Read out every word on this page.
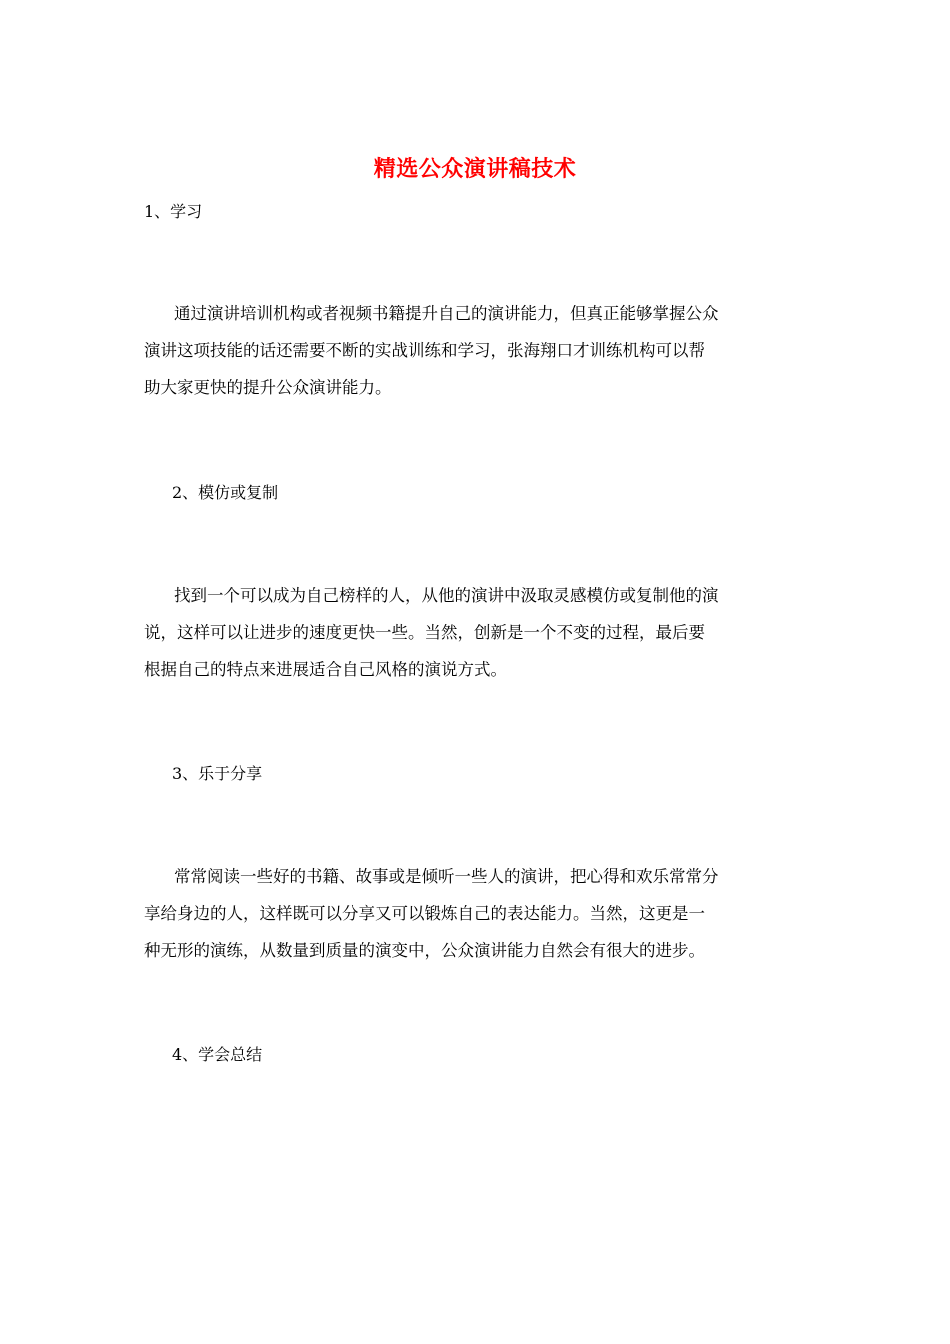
精选公众演讲稿技术
1、学习
通过演讲培训机构或者视频书籍提升自己的演讲能力，但真正能够掌握公众
演讲这项技能的话还需要不断的实战训练和学习，张海翔口才训练机构可以帮
助大家更快的提升公众演讲能力。
2、模仿或复制
找到一个可以成为自己榜样的人，从他的演讲中汲取灵感模仿或复制他的演
说，这样可以让进步的速度更快一些。当然，创新是一个不变的过程，最后要
根据自己的特点来进展适合自己风格的演说方式。
3、乐于分享
常常阅读一些好的书籍、故事或是倾听一些人的演讲，把心得和欢乐常常分
享给身边的人，这样既可以分享又可以锻炼自己的表达能力。当然，这更是一
种无形的演练，从数量到质量的演变中，公众演讲能力自然会有很大的进步。
4、学会总结
